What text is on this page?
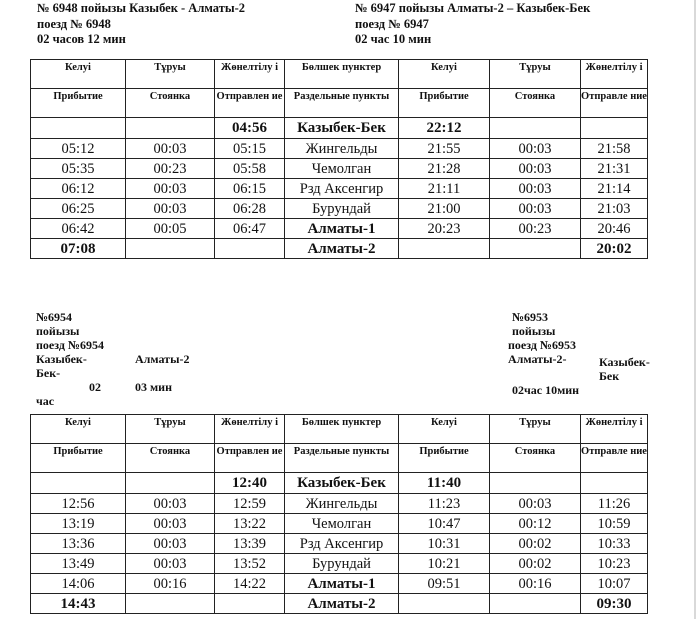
№ 6948 пойызы Казыбек - Алматы-2
поезд № 6948
02 часов 12 мин
№ 6947 пойызы Алматы-2 – Казыбек-Бек
поезд № 6947
02 час 10 мин
Келуі	Тұруы	Жөнелтілу і	Бөлшек пунктер	Келуі	Тұруы	Жөнелтілу і
Прибытие	Стоянка	Отправлен ие	Раздельные пункты	Прибытие	Стоянка	Отправле ние
		04:56	Казыбек-Бек	22:12		
05:12	00:03	05:15	Жингельды	21:55	00:03	21:58
05:35	00:23	05:58	Чемолган	21:28	00:03	21:31
06:12	00:03	06:15	Рзд Аксенгир	21:11	00:03	21:14
06:25	00:03	06:28	Бурундай	21:00	00:03	21:03
06:42	00:05	06:47	Алматы-1	20:23	00:23	20:46
07:08			Алматы-2			20:02
№6954
пойызы
поезд №6954
Казыбек-
Бек-
02
час
Алматы-2
03 мин
№6953
пойызы
поезд №6953
Алматы-2-	Казыбек-
Бек
02час 10мин
Келуі	Тұруы	Жөнелтілу і	Бөлшек пунктер	Келуі	Тұруы	Жөнелтілу і
Прибытие	Стоянка	Отправлен ие	Раздельные пункты	Прибытие	Стоянка	Отправле ние
		12:40	Казыбек-Бек	11:40		
12:56	00:03	12:59	Жингельды	11:23	00:03	11:26
13:19	00:03	13:22	Чемолган	10:47	00:12	10:59
13:36	00:03	13:39	Рзд Аксенгир	10:31	00:02	10:33
13:49	00:03	13:52	Бурундай	10:21	00:02	10:23
14:06	00:16	14:22	Алматы-1	09:51	00:16	10:07
14:43			Алматы-2			09:30
